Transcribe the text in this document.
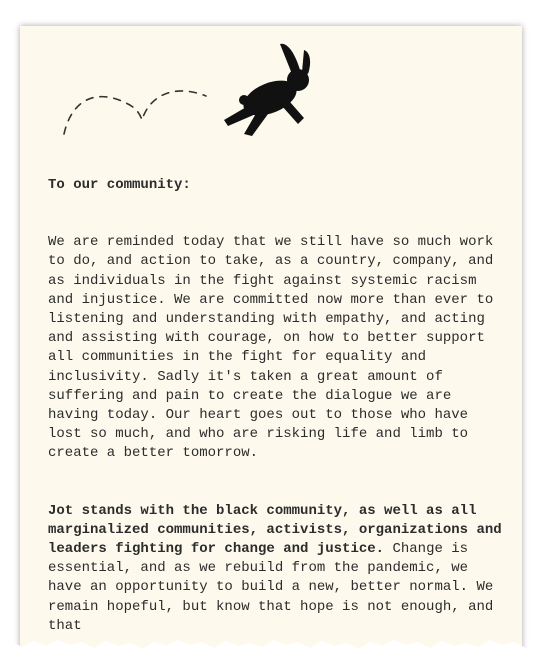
To our community:

We are reminded today that we still have so much work to do, and action to take, as a country, company, and as individuals in the fight against systemic racism and injustice. We are committed now more than ever to listening and understanding with empathy, and acting and assisting with courage, on how to better support all communities in the fight for equality and inclusivity. Sadly it's taken a great amount of suffering and pain to create the dialogue we are having today. Our heart goes out to those who have lost so much, and who are risking life and limb to create a better tomorrow.

Jot stands with the black community, as well as all marginalized communities, activists, organizations and leaders fighting for change and justice. Change is essential, and as we rebuild from the pandemic, we have an opportunity to build a new, better normal. We remain hopeful, but know that hope is not enough, and that
